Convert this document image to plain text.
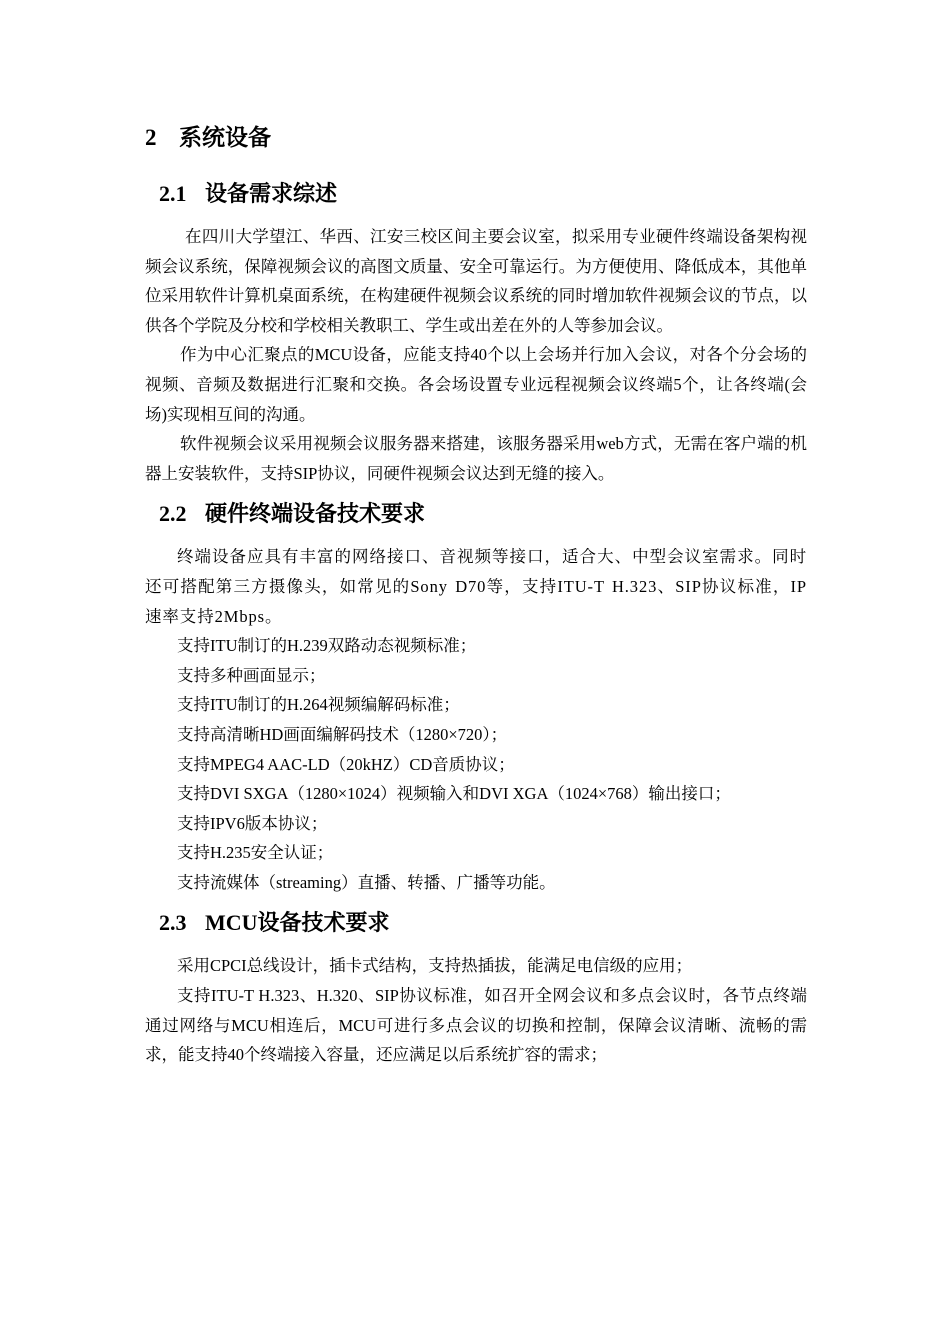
2 系统设备
2.1 设备需求综述

在四川大学望江、华西、江安三校区间主要会议室，拟采用专业硬件终端设备架构视频会议系统，保障视频会议的高图文质量、安全可靠运行。为方便使用、降低成本，其他单位采用软件计算机桌面系统，在构建硬件视频会议系统的同时增加软件视频会议的节点，以供各个学院及分校和学校相关教职工、学生或出差在外的人等参加会议。

作为中心汇聚点的MCU设备，应能支持40个以上会场并行加入会议，对各个分会场的视频、音频及数据进行汇聚和交换。各会场设置专业远程视频会议终端5个，让各终端(会场)实现相互间的沟通。

软件视频会议采用视频会议服务器来搭建，该服务器采用web方式，无需在客户端的机器上安装软件，支持SIP协议，同硬件视频会议达到无缝的接入。

2.2 硬件终端设备技术要求

终端设备应具有丰富的网络接口、音视频等接口，适合大、中型会议室需求。同时还可搭配第三方摄像头，如常见的Sony D70等，支持ITU-T H.323、SIP协议标准，IP速率支持2Mbps。

支持ITU制订的H.239双路动态视频标准；

支持多种画面显示；

支持ITU制订的H.264视频编解码标准；

支持高清晰HD画面编解码技术（1280×720）；

支持MPEG4 AAC-LD（20kHZ）CD音质协议；

支持DVI SXGA（1280×1024）视频输入和DVI XGA（1024×768）输出接口；

支持IPV6版本协议；

支持H.235安全认证；

支持流媒体（streaming）直播、转播、广播等功能。

2.3 MCU设备技术要求

采用CPCI总线设计，插卡式结构，支持热插拔，能满足电信级的应用；

支持ITU-T H.323、H.320、SIP协议标准，如召开全网会议和多点会议时，各节点终端通过网络与MCU相连后，MCU可进行多点会议的切换和控制，保障会议清晰、流畅的需求，能支持40个终端接入容量，还应满足以后系统扩容的需求；
